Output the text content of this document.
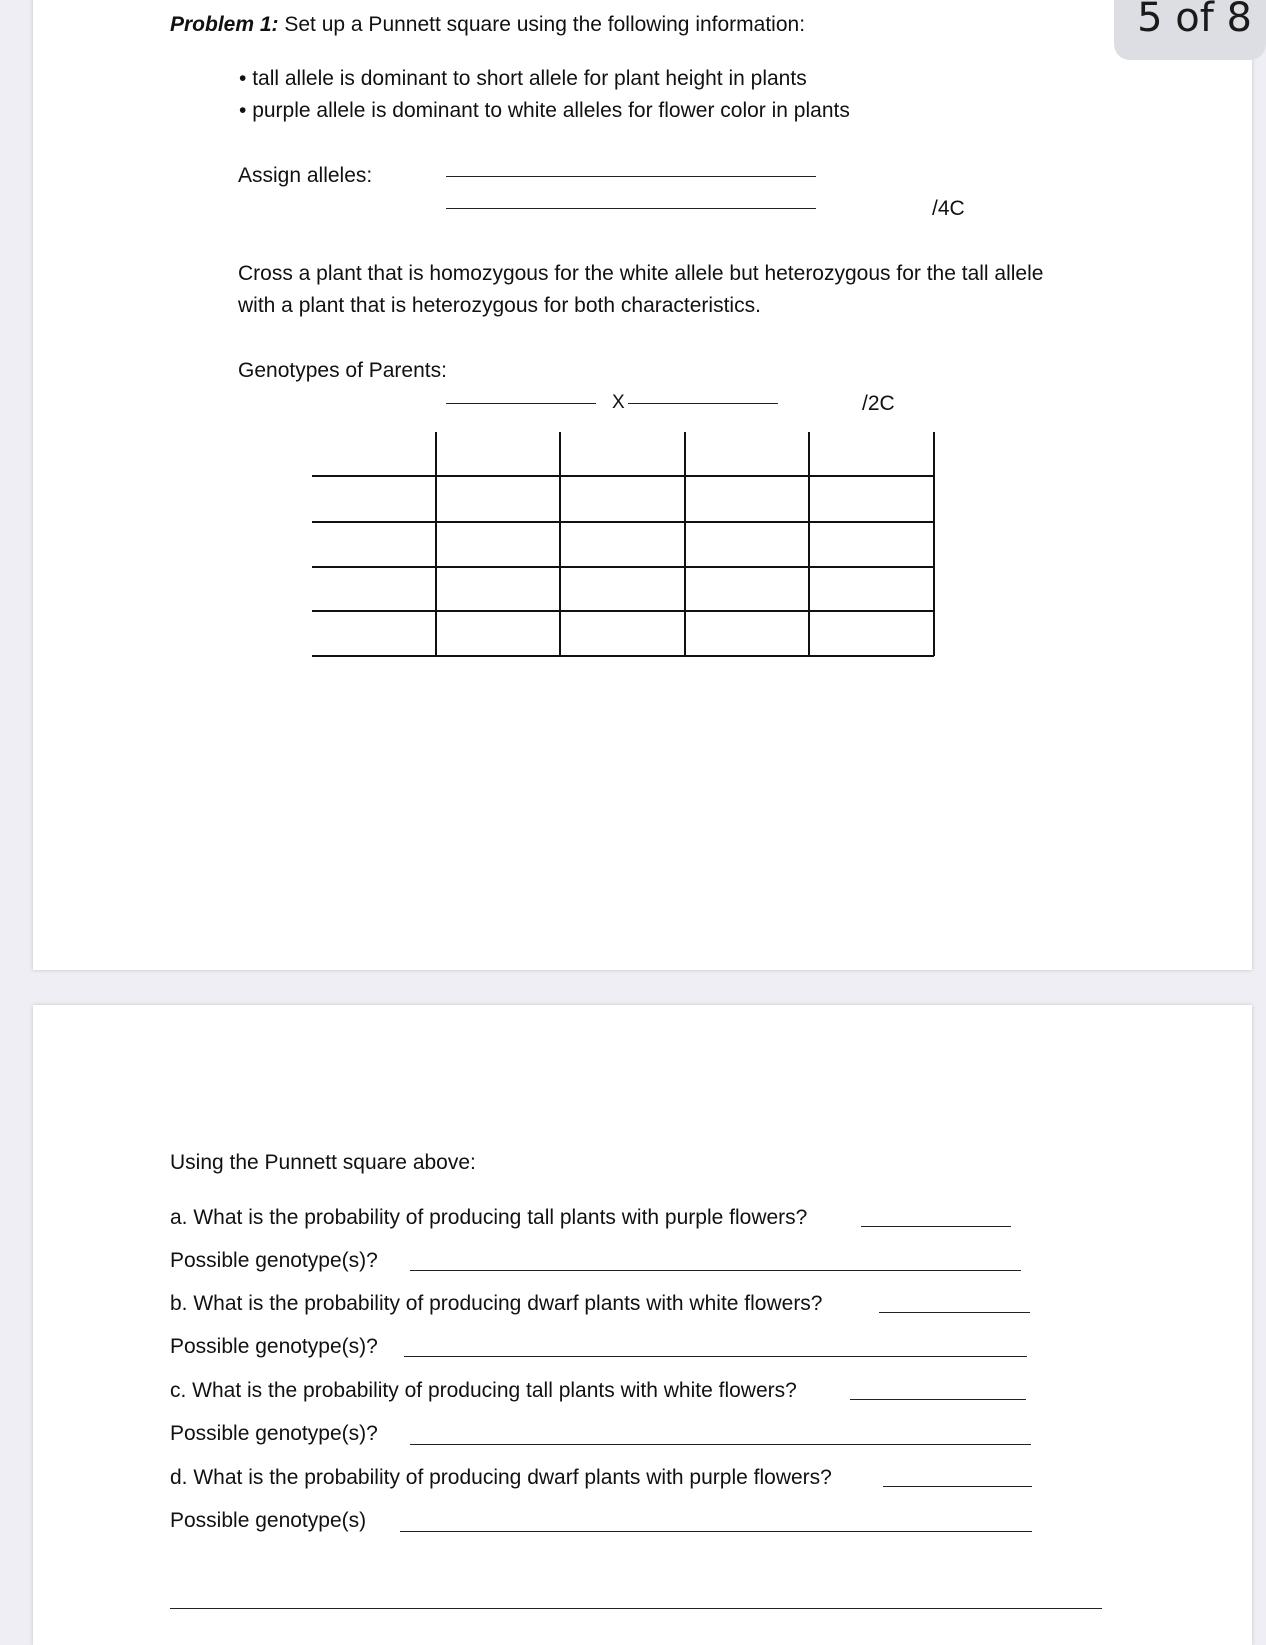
Problem 1: Set up a Punnett square using the following information:
• tall allele is dominant to short allele for plant height in plants
• purple allele is dominant to white alleles for flower color in plants
Assign alleles:
/4C
Cross a plant that is homozygous for the white allele but heterozygous for the tall allele
with a plant that is heterozygous for both characteristics.
Genotypes of Parents:
X	/2C
Using the Punnett square above:
a. What is the probability of producing tall plants with purple flowers?
Possible genotype(s)?
b. What is the probability of producing dwarf plants with white flowers?
Possible genotype(s)?
c. What is the probability of producing tall plants with white flowers?
Possible genotype(s)?
d. What is the probability of producing dwarf plants with purple flowers?
Possible genotype(s)
5 of 8
